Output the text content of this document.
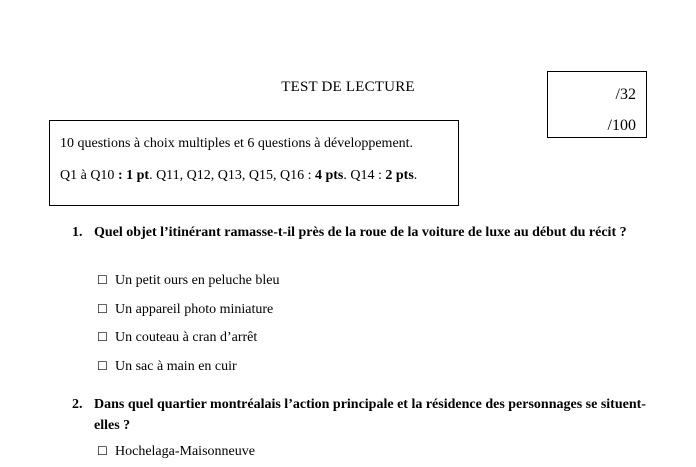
TEST DE LECTURE	/32
/100
10 questions à choix multiples et 6 questions à développement.
Q1 à Q10 : 1 pt. Q11, Q12, Q13, Q15, Q16 : 4 pts. Q14 : 2 pts.
1. Quel objet l’itinérant ramasse-t-il près de la roue de la voiture de luxe au début du récit ?
☐ Un petit ours en peluche bleu
☐ Un appareil photo miniature
☐ Un couteau à cran d’arrêt
☐ Un sac à main en cuir
2. Dans quel quartier montréalais l’action principale et la résidence des personnages se situent-elles ?
☐ Hochelaga-Maisonneuve
